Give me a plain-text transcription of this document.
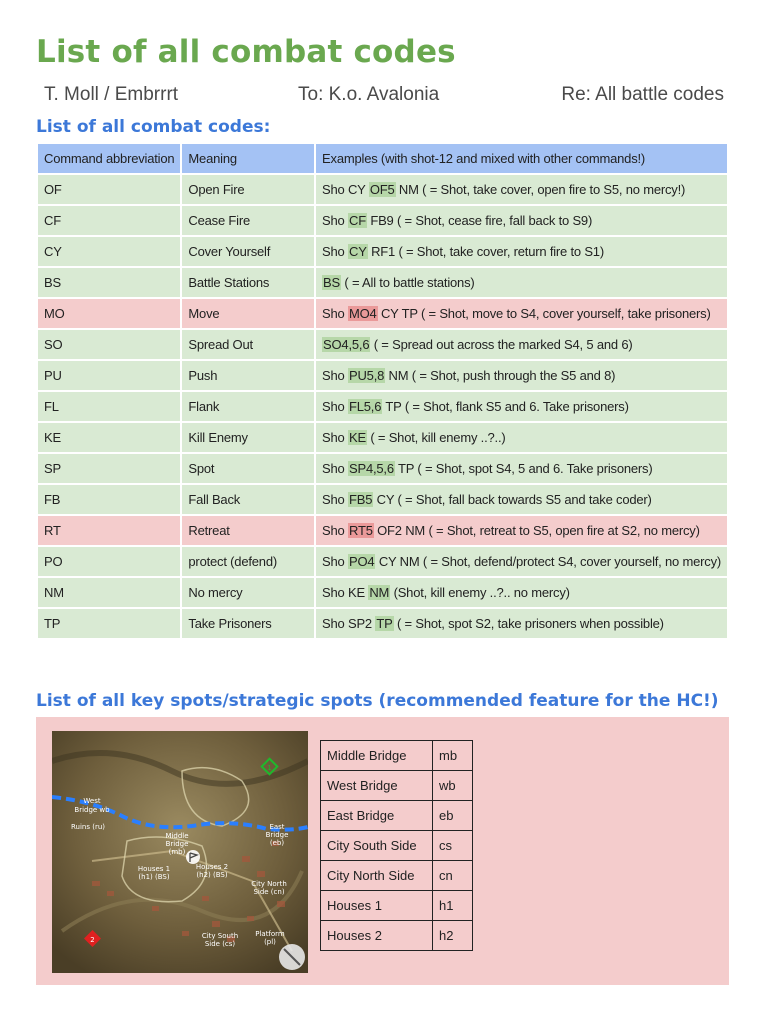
List of all combat codes
T. Moll / Embrrrt	To: K.o. Avalonia	Re: All battle codes
List of all combat codes:
Command abbreviation	Meaning	Examples (with shot-12 and mixed with other commands!)
OF	Open Fire	Sho CY OF5 NM ( = Shot, take cover, open fire to S5, no mercy!)
CF	Cease Fire	Sho CF FB9 ( = Shot, cease fire, fall back to S9)
CY	Cover Yourself	Sho CY RF1 ( = Shot, take cover, return fire to S1)
BS	Battle Stations	BS ( = All to battle stations)
MO	Move	Sho MO4 CY TP ( = Shot, move to S4, cover yourself, take prisoners)
SO	Spread Out	SO4,5,6 ( = Spread out across the marked S4, 5 and 6)
PU	Push	Sho PU5,8 NM ( = Shot, push through the S5 and 8)
FL	Flank	Sho FL5,6 TP ( = Shot, flank S5 and 6. Take prisoners)
KE	Kill Enemy	Sho KE ( = Shot, kill enemy ..?..)
SP	Spot	Sho SP4,5,6 TP ( = Shot, spot S4, 5 and 6. Take prisoners)
FB	Fall Back	Sho FB5 CY ( = Shot, fall back towards S5 and take coder)
RT	Retreat	Sho RT5 OF2 NM ( = Shot, retreat to S5, open fire at S2, no mercy)
PO	protect (defend)	Sho PO4 CY NM ( = Shot, defend/protect S4, cover yourself, no mercy)
NM	No mercy	Sho KE NM (Shot, kill enemy ..?.. no mercy)
TP	Take Prisoners	Sho SP2 TP ( = Shot, spot S2, take prisoners when possible)
List of all key spots/strategic spots (recommended feature for the HC!)
West
Bridge wb
Ruins (ru)
Middle
Bridge
(mb)
East
Bridge
(eb)
Houses 1
(h1) (BS)
Houses 2
(h2) (BS)
City North
Side (cn)
City South
Side (cs)
Platform
(pl)
1
2
Middle Bridge	mb
West Bridge	wb
East Bridge	eb
City South Side	cs
City North Side	cn
Houses 1	h1
Houses 2	h2
